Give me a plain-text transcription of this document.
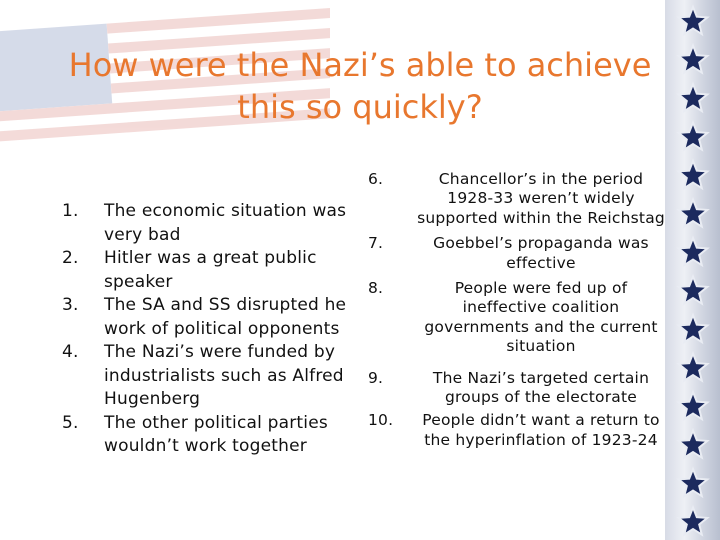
How were the Nazi’s able to achieve this so quickly?
1.	The economic situation was very bad
2.	Hitler was a great public speaker
3.	The SA and SS disrupted he work of political opponents
4.	The Nazi’s were funded by industrialists such as Alfred Hugenberg
5.	The other political parties wouldn’t work together
6.	Chancellor’s in the period 1928-33 weren’t widely supported within the Reichstag
7.	Goebbel’s propaganda was effective
8.	People were fed up of ineffective coalition governments and the current situation
9.	The Nazi’s targeted certain groups of the electorate
10.	People didn’t want a return to the hyperinflation of 1923-24
